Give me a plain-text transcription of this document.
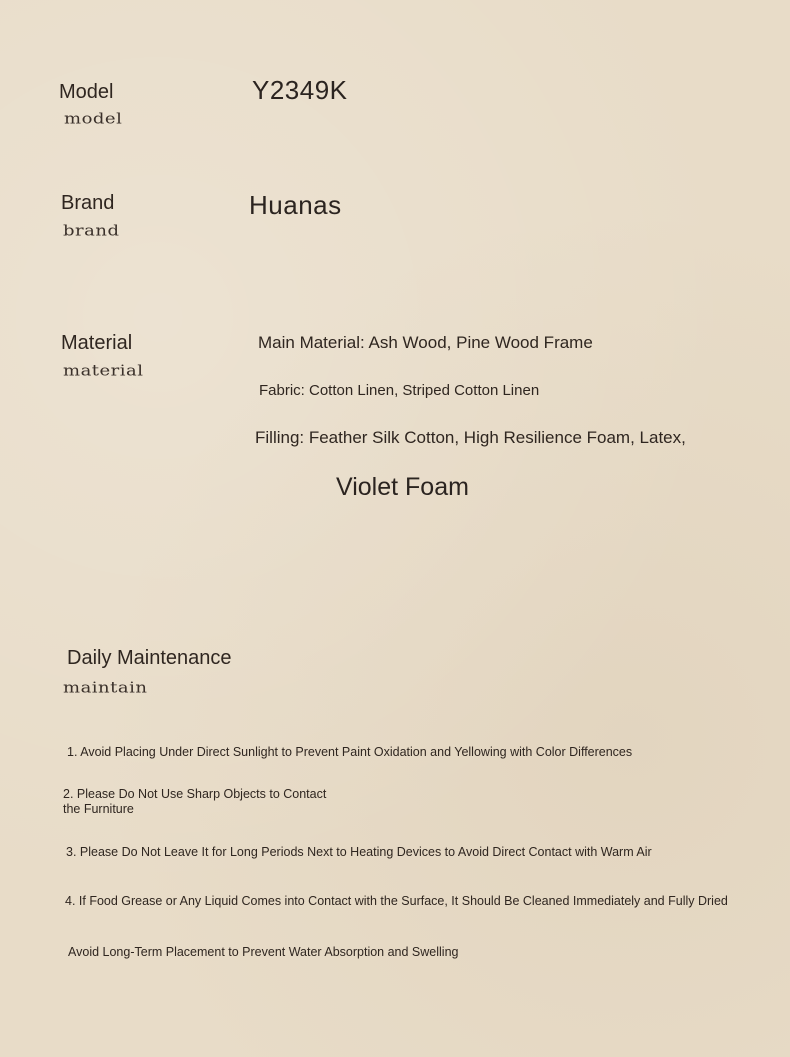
Model
model
Y2349K
Brand
brand
Huanas
Material
material
Main Material: Ash Wood, Pine Wood Frame
Fabric: Cotton Linen, Striped Cotton Linen
Filling: Feather Silk Cotton, High Resilience Foam, Latex,
Violet Foam
Daily Maintenance
maintain
1. Avoid Placing Under Direct Sunlight to Prevent Paint Oxidation and Yellowing with Color Differences
2. Please Do Not Use Sharp Objects to Contact
the Furniture
3. Please Do Not Leave It for Long Periods Next to Heating Devices to Avoid Direct Contact with Warm Air
4. If Food Grease or Any Liquid Comes into Contact with the Surface, It Should Be Cleaned Immediately and Fully Dried
Avoid Long-Term Placement to Prevent Water Absorption and Swelling
